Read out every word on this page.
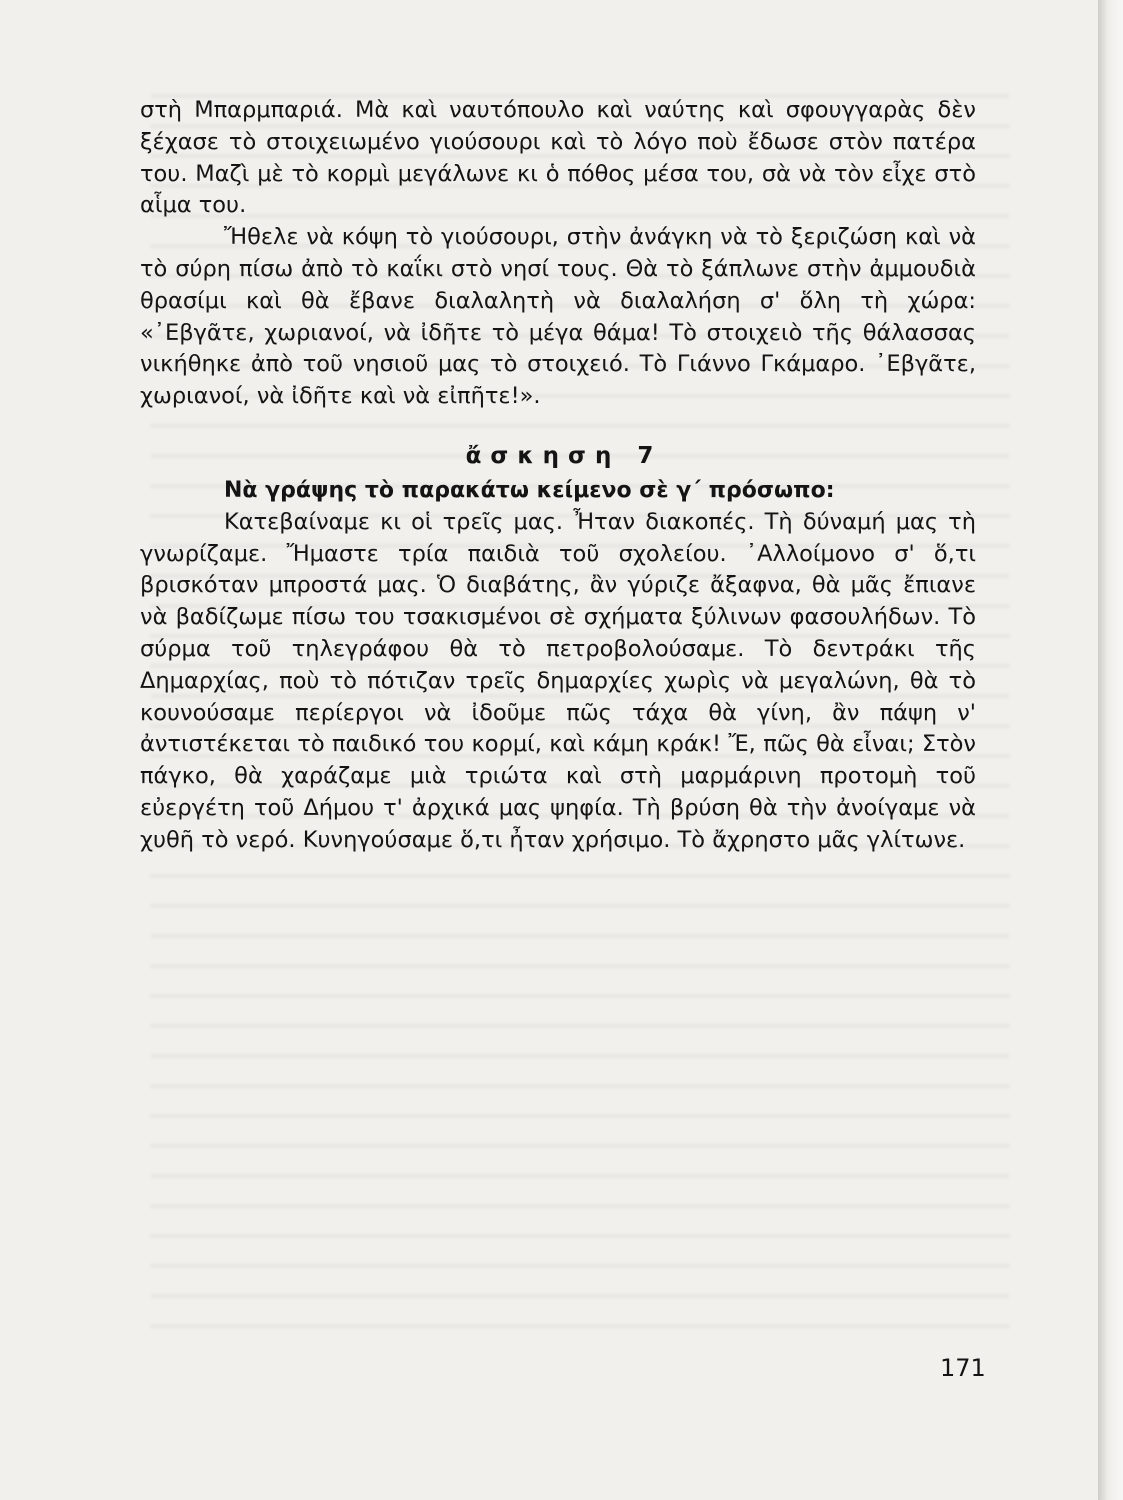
στὴ Μπαρμπαριά. Μὰ καὶ ναυτόπουλο καὶ ναύτης καὶ σφουγγαρὰς δὲν ξέχασε τὸ στοιχειωμένο γιούσουρι καὶ τὸ λόγο ποὺ ἔδωσε στὸν πατέρα του. Μαζὶ μὲ τὸ κορμὶ μεγάλωνε κι ὁ πόθος μέσα του, σὰ νὰ τὸν εἶχε στὸ αἷμα του.

Ἤθελε νὰ κόψη τὸ γιούσουρι, στὴν ἀνάγκη νὰ τὸ ξεριζώση καὶ νὰ τὸ σύρη πίσω ἀπὸ τὸ καΐκι στὸ νησί τους. Θὰ τὸ ξάπλωνε στὴν ἀμμουδιὰ θρασίμι καὶ θὰ ἔβανε διαλαλητὴ νὰ διαλαλήση σ' ὅλη τὴ χώρα: «᾿Εβγᾶτε, χωριανοί, νὰ ἰδῆτε τὸ μέγα θάμα! Τὸ στοιχειὸ τῆς θάλασσας νικήθηκε ἀπὸ τοῦ νησιοῦ μας τὸ στοιχειό. Τὸ Γιάννο Γκάμαρο. ᾿Εβγᾶτε, χωριανοί, νὰ ἰδῆτε καὶ νὰ εἰπῆτε!».

ἄσκηση 7

Νὰ γράψης τὸ παρακάτω κείμενο σὲ γ΄ πρόσωπο:

Κατεβαίναμε κι οἱ τρεῖς μας. Ἦταν διακοπές. Τὴ δύναμή μας τὴ γνωρίζαμε. Ἤμαστε τρία παιδιὰ τοῦ σχολείου. ᾿Αλλοίμονο σ' ὅ,τι βρισκόταν μπροστά μας. Ὁ διαβάτης, ἂν γύριζε ἄξαφνα, θὰ μᾶς ἔπιανε νὰ βαδίζωμε πίσω του τσακισμένοι σὲ σχήματα ξύλινων φασουλήδων. Τὸ σύρμα τοῦ τηλεγράφου θὰ τὸ πετροβολούσαμε. Τὸ δεντράκι τῆς Δημαρχίας, ποὺ τὸ πότιζαν τρεῖς δημαρχίες χωρὶς νὰ μεγαλώνη, θὰ τὸ κουνούσαμε περίεργοι νὰ ἰδοῦμε πῶς τάχα θὰ γίνη, ἂν πάψη ν' ἀντιστέκεται τὸ παιδικό του κορμί, καὶ κάμη κράκ! Ἔ, πῶς θὰ εἶναι; Στὸν πάγκο, θὰ χαράζαμε μιὰ τριώτα καὶ στὴ μαρμάρινη προτομὴ τοῦ εὐεργέτη τοῦ Δήμου τ' ἀρχικά μας ψηφία. Τὴ βρύση θὰ τὴν ἀνοίγαμε νὰ χυθῆ τὸ νερό. Κυνηγούσαμε ὅ,τι ἦταν χρήσιμο. Τὸ ἄχρηστο μᾶς γλίτωνε.

171
